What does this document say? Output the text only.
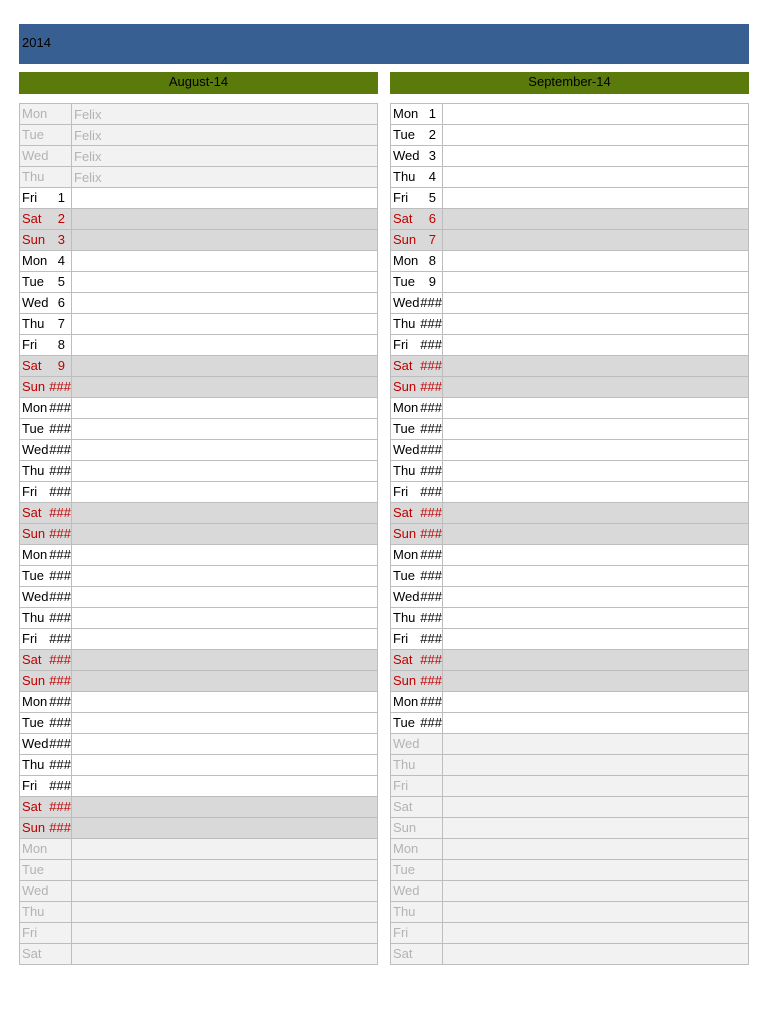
2014
August-14	September-14
Mon	Felix

Tue	Felix

Wed	Felix

Thu	Felix

Fri 1	

Sat 2	

Sun 3	

Mon 4	

Tue 5	

Wed 6	

Thu 7	

Fri 8	

Sat 9	

Sun ###	

Mon ###	

Tue ###	

Wed ###	

Thu ###	

Fri ###	

Sat ###	

Sun ###	

Mon ###	

Tue ###	

Wed ###	

Thu ###	

Fri ###	

Sat ###	

Sun ###	

Mon ###	

Tue ###	

Wed ###	

Thu ###	

Fri ###	

Sat ###	

Sun ###	

Mon	

Tue	

Wed	

Thu	

Fri	

Sat	

Mon 1	

Tue 2	

Wed 3	

Thu 4	

Fri 5	

Sat 6	

Sun 7	

Mon 8	

Tue 9	

Wed ###	

Thu ###	

Fri ###	

Sat ###	

Sun ###	

Mon ###	

Tue ###	

Wed ###	

Thu ###	

Fri ###	

Sat ###	

Sun ###	

Mon ###	

Tue ###	

Wed ###	

Thu ###	

Fri ###	

Sat ###	

Sun ###	

Mon ###	

Tue ###	

Wed	

Thu	

Fri	

Sat	

Sun	

Mon	

Tue	

Wed	

Thu	

Fri	

Sat	
